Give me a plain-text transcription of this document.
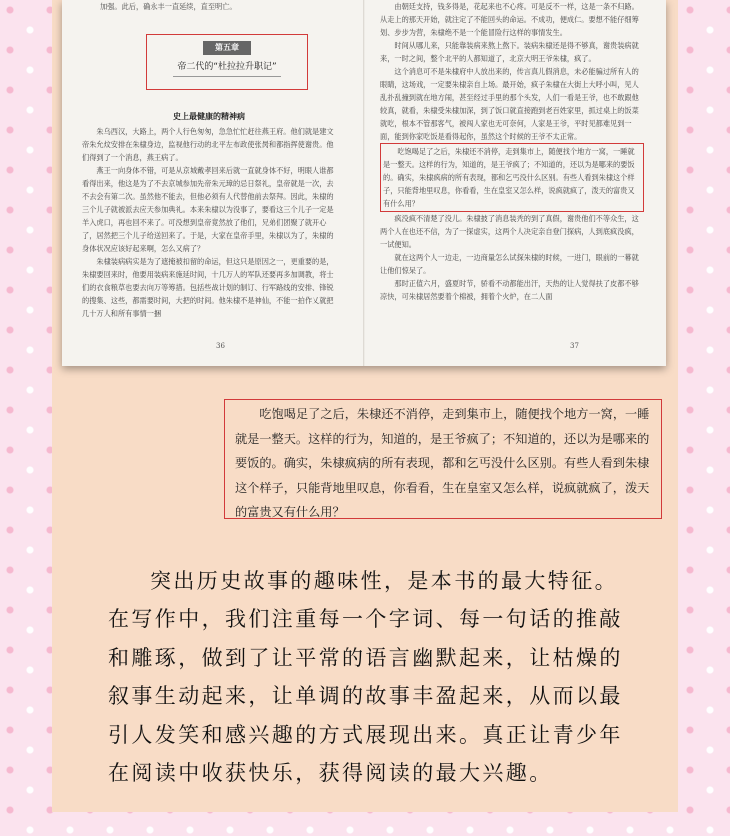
加强。此后，确永丰一直延续，直至明亡。

第五章
帝二代的“杜拉拉升职记”
史上最健康的精神病

朱乌西汉，大路上，两个人行色匆匆，急急忙忙赶往燕王府。他们就是建文帝朱允炆安排在朱棣身边，监视他行动的北平左布政使张昺和都指挥使谢贵。他们得到了一个消息，燕王病了。

燕王一向身体不错，可是从京城戴孝回来后就一直就身体不好，明眼人谁都看得出来，他这是为了不去京城参加先帝朱元璋的忌日祭礼，皇帝就是一次，去不去会有第二次。虽然他不能去，但他必须有人代替他前去祭拜。因此，朱棣的三个儿子就被派去应天参加典礼。本来朱棣以为没事了，要看这三个儿子一定是羊入虎口，再也回不来了。可没想到皇帝竟然放了他们，兄弟们团聚了就开心了，居然把三个儿子给送回来了。于是，大家在皇帝手里，朱棣以为了，朱棣的身体状况应该好起来啊，怎么又病了？

朱棣装病病实是为了遮掩被扣留的命运，但这只是原因之一，更重要的是，朱棣要回来时，他要用装病来施延时间，十几万人的军队还要再多加调教，将士们的衣食粮草也要去向万等筹措。包括些战计划的制订、行军路线的安排、锋锐的搜集、这些，都需要时间，大把的时间。他朱棣不是神仙，不能一拍作乂就把几十万人和所有事情一捆

36

由朝廷支持，钱多得是，花起来也不心疼。可是反不一样，这是一条不归路。从走上的那天开始，就注定了不能回头的命运。不成功，便成仁。要想不能仔细筹划、步步为营，朱棣绝不是一个能冒险行这样的事情发生。

时间从哪儿来，只能靠装病来熬上熬下。装病朱棣还是得不够真，谢贵装病就来，一时之间，整个北平的人都知道了，北京大明王爷朱棣，疯了。

这个消息可不是朱棣府中人放出来的，传言真儿假消息，未必能骗过所有人的眼睛，这场戏，一定要朱棣亲自上场。最开始，疯子朱棣在大街上大呼小叫，见人乱扑乱撞到就在地方闹，甚至经过手里的那个头发，人们一看是王爷，也不敢跟他较真，就看，朱棣受朱棣加深，到了饭口就直接跑到老百姓家里，抓过桌上的饭菜就吃，根本不管那客气，被闯人家也无可奈何，人家是王爷，平时见都难见到一面，能到你家吃饭是看得起你，虽然这个时候的王爷不太正常。

吃饱喝足了之后，朱棣还不消停，走到集市上，随便找个地方一窝，一睡就是一整天。这样的行为，知道的，是王爷疯了；不知道的，还以为是哪来的要饭的。确实，朱棣疯病的所有表现，都和乞丐没什么区别。有些人看到朱棣这个样子，只能背地里叹息，你看看，生在皇室又怎么样，说疯就疯了，泼天的富贵又有什么用？

疯没疯不清楚了没儿。朱棣披了消息装秃的到了真假，谢贵他们不等众生，这两个人在也还不信，为了一探虚实，这两个人决定亲自登门探病，人到底疯没疯，一试便知。

就在这两个人一边走，一边商量怎么试探朱棣的时候，一进门，眼前的一幕就让他们惊呆了。

那时正值六月，盛夏时节，骄看不动都能出汗，天热的让人觉得扶了皮都不够凉快，可朱棣居然要着个棉被，拥着个火炉，在二人面

37

吃饱喝足了之后，朱棣还不消停，走到集市上，随便找个地方一窝，一睡就是一整天。这样的行为，知道的，是王爷疯了；不知道的，还以为是哪来的要饭的。确实，朱棣疯病的所有表现，都和乞丐没什么区别。有些人看到朱棣这个样子，只能背地里叹息，你看看，生在皇室又怎么样，说疯就疯了，泼天的富贵又有什么用？

突出历史故事的趣味性，是本书的最大特征。在写作中，我们注重每一个字词、每一句话的推敲和雕琢，做到了让平常的语言幽默起来，让枯燥的叙事生动起来，让单调的故事丰盈起来，从而以最引人发笑和感兴趣的方式展现出来。真正让青少年在阅读中收获快乐，获得阅读的最大兴趣。
